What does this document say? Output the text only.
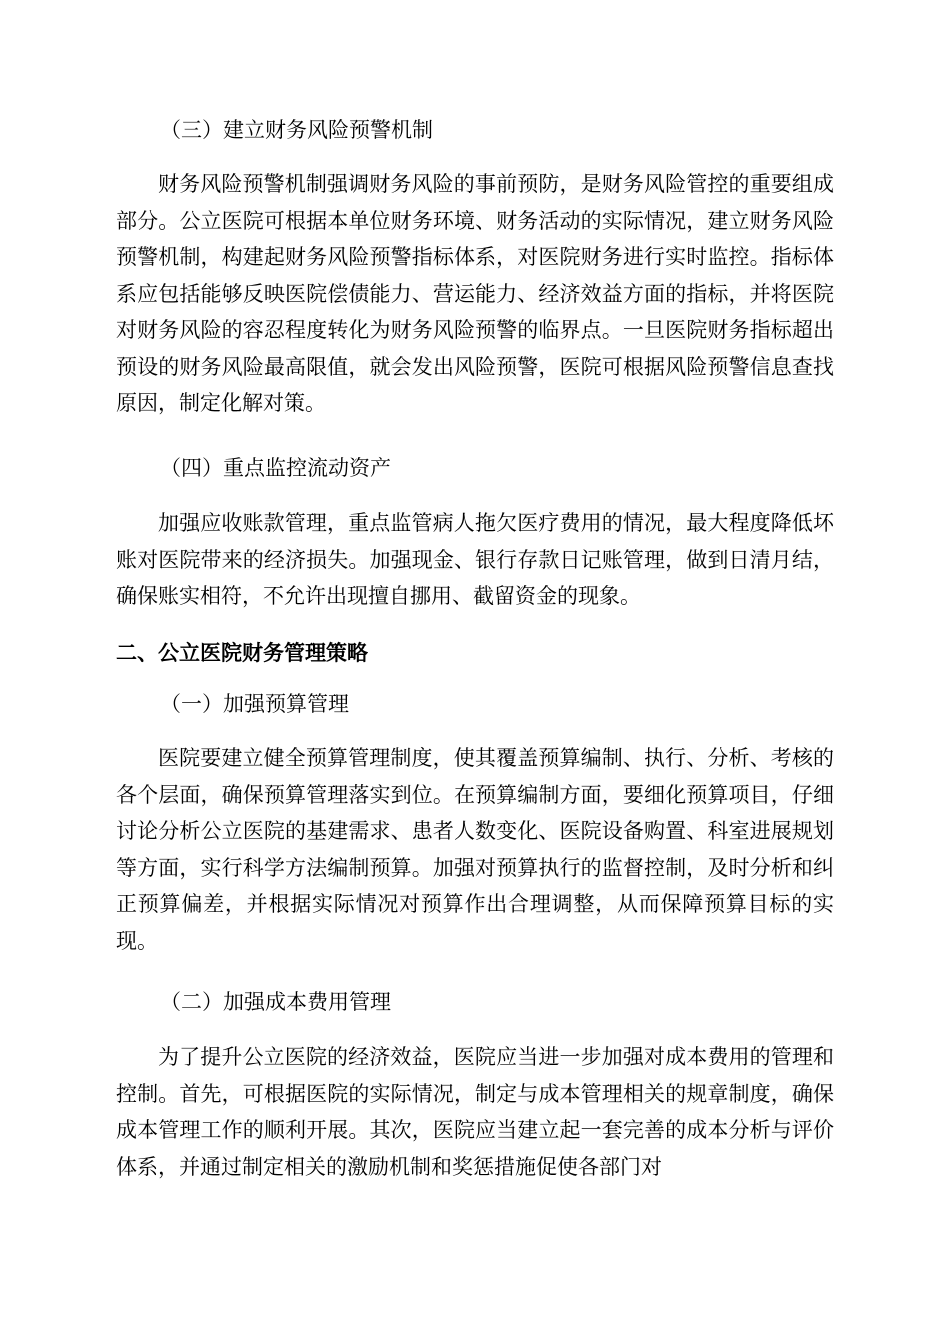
（三）建立财务风险预警机制

财务风险预警机制强调财务风险的事前预防，是财务风险管控的重要组成部分。公立医院可根据本单位财务环境、财务活动的实际情况，建立财务风险预警机制，构建起财务风险预警指标体系，对医院财务进行实时监控。指标体系应包括能够反映医院偿债能力、营运能力、经济效益方面的指标，并将医院对财务风险的容忍程度转化为财务风险预警的临界点。一旦医院财务指标超出预设的财务风险最高限值，就会发出风险预警，医院可根据风险预警信息查找原因，制定化解对策。

（四）重点监控流动资产

加强应收账款管理，重点监管病人拖欠医疗费用的情况，最大程度降低坏账对医院带来的经济损失。加强现金、银行存款日记账管理，做到日清月结，确保账实相符，不允许出现擅自挪用、截留资金的现象。

二、公立医院财务管理策略
（一）加强预算管理

医院要建立健全预算管理制度，使其覆盖预算编制、执行、分析、考核的各个层面，确保预算管理落实到位。在预算编制方面，要细化预算项目，仔细讨论分析公立医院的基建需求、患者人数变化、医院设备购置、科室进展规划等方面，实行科学方法编制预算。加强对预算执行的监督控制，及时分析和纠正预算偏差，并根据实际情况对预算作出合理调整，从而保障预算目标的实现。

（二）加强成本费用管理

为了提升公立医院的经济效益，医院应当进一步加强对成本费用的管理和控制。首先，可根据医院的实际情况，制定与成本管理相关的规章制度，确保成本管理工作的顺利开展。其次，医院应当建立起一套完善的成本分析与评价体系，并通过制定相关的激励机制和奖惩措施促使各部门对
